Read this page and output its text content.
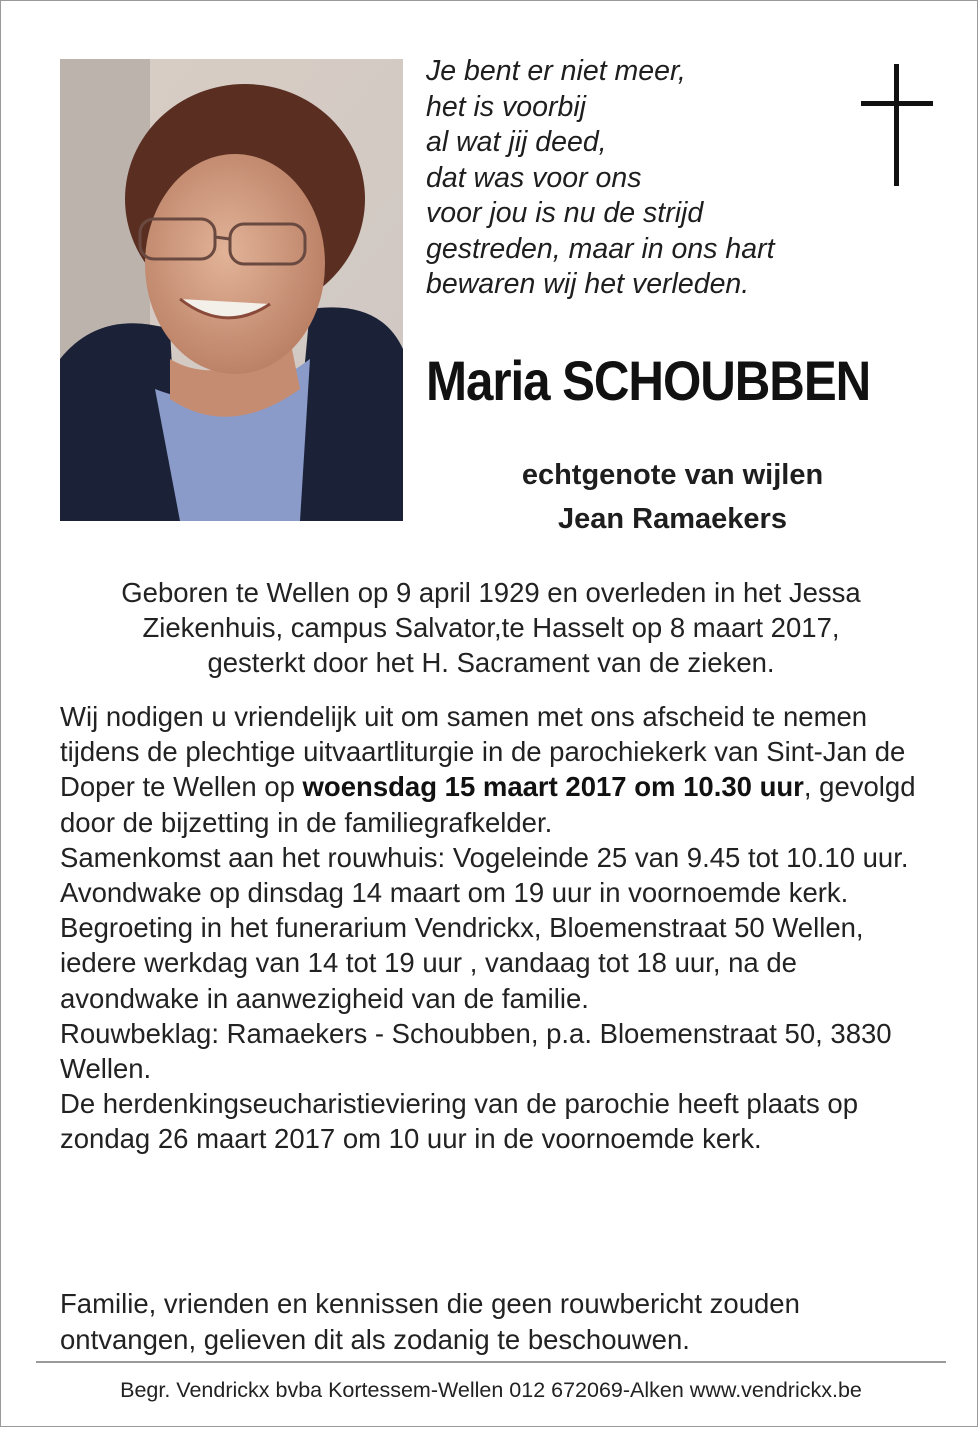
Je bent er niet meer,
het is voorbij
al wat jij deed,
dat was voor ons
voor jou is nu de strijd
gestreden, maar in ons hart
bewaren wij het verleden.
Maria SCHOUBBEN
echtgenote van wijlen
Jean Ramaekers
Geboren te Wellen op 9 april 1929 en overleden in het Jessa
Ziekenhuis, campus Salvator,te Hasselt op 8 maart 2017,
gesterkt door het H. Sacrament van de zieken.

Wij nodigen u vriendelijk uit om samen met ons afscheid te nemen tijdens de plechtige uitvaartliturgie in de parochiekerk van Sint-Jan de Doper te Wellen op woensdag 15 maart 2017 om 10.30 uur, gevolgd door de bijzetting in de familiegrafkelder.

Samenkomst aan het rouwhuis: Vogeleinde 25 van 9.45 tot 10.10 uur.

Avondwake op dinsdag 14 maart om 19 uur in voornoemde kerk.

Begroeting in het funerarium Vendrickx, Bloemenstraat 50 Wellen, iedere werkdag van 14 tot 19 uur , vandaag tot 18 uur, na de avondwake in aanwezigheid van de familie.

Rouwbeklag: Ramaekers - Schoubben, p.a. Bloemenstraat 50, 3830 Wellen.

De herdenkingseucharistieviering van de parochie heeft plaats op zondag 26 maart 2017 om 10 uur in de voornoemde kerk.

Familie, vrienden en kennissen die geen rouwbericht zouden ontvangen, gelieven dit als zodanig te beschouwen.
Begr. Vendrickx bvba Kortessem-Wellen 012 672069-Alken www.vendrickx.be
